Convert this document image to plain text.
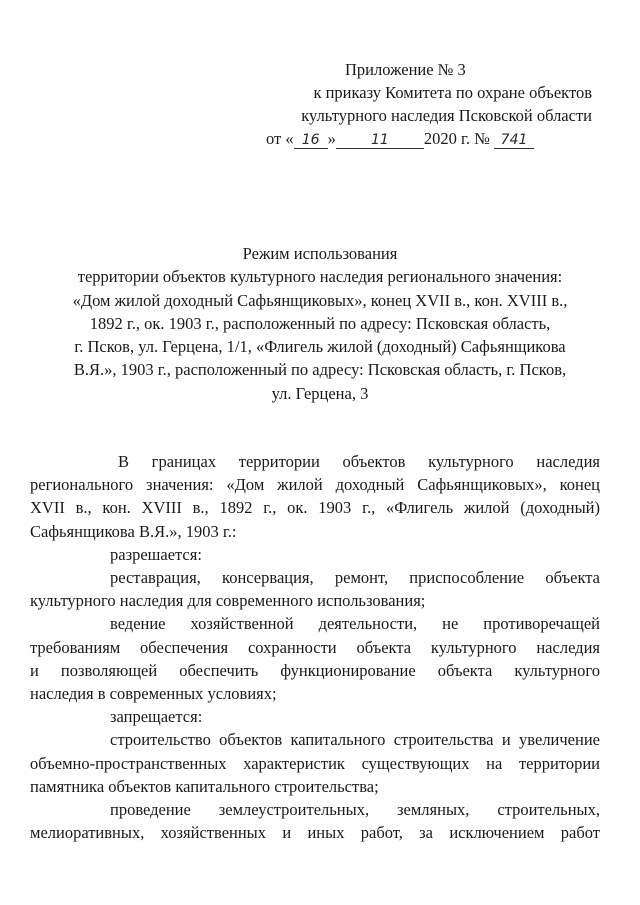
Приложение № 3
к приказу Комитета по охране объектов
культурного наследия Псковской области
от « 16 »	11 2020 г. № 741
Режим использования
территории объектов культурного наследия регионального значения:
«Дом жилой доходный Сафьянщиковых», конец XVII в., кон. XVIII в.,
1892 г., ок. 1903 г., расположенный по адресу: Псковская область,
г. Псков, ул. Герцена, 1/1, «Флигель жилой (доходный) Сафьянщикова
В.Я.», 1903 г., расположенный по адресу: Псковская область, г. Псков,
ул. Герцена, 3

В границах территории объектов культурного наследия

регионального значения: «Дом жилой доходный Сафьянщиковых», конец

XVII в., кон. XVIII в., 1892 г., ок. 1903 г., «Флигель жилой (доходный)

Сафьянщикова В.Я.», 1903 г.:

разрешается:

реставрация, консервация, ремонт, приспособление объекта

культурного наследия для современного использования;

ведение хозяйственной деятельности, не противоречащей

требованиям обеспечения сохранности объекта культурного наследия

и позволяющей обеспечить функционирование объекта культурного

наследия в современных условиях;

запрещается:

строительство объектов капитального строительства и увеличение

объемно-пространственных характеристик существующих на территории

памятника объектов капитального строительства;

проведение землеустроительных, земляных, строительных,

мелиоративных, хозяйственных и иных работ, за исключением работ
